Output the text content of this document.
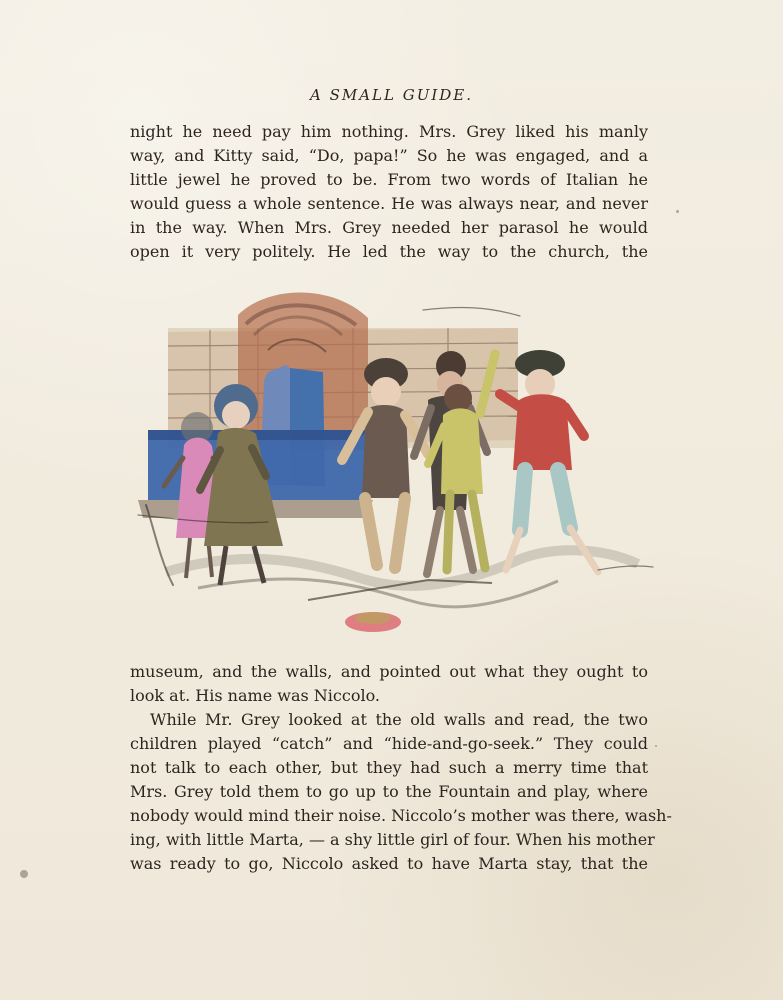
A SMALL GUIDE.
night he need pay him nothing. Mrs. Grey liked his manly
way, and Kitty said, “Do, papa!” So he was engaged, and a
little jewel he proved to be. From two words of Italian he
would guess a whole sentence. He was always near, and never
in the way. When Mrs. Grey needed her parasol he would
open it very politely. He led the way to the church, the
museum, and the walls, and pointed out what they ought to
look at. His name was Niccolo.
While Mr. Grey looked at the old walls and read, the two
children played “catch” and “hide-and-go-seek.” They could
not talk to each other, but they had such a merry time that
Mrs. Grey told them to go up to the Fountain and play, where
nobody would mind their noise. Niccolo’s mother was there, wash-
ing, with little Marta, — a shy little girl of four. When his mother
was ready to go, Niccolo asked to have Marta stay, that the
